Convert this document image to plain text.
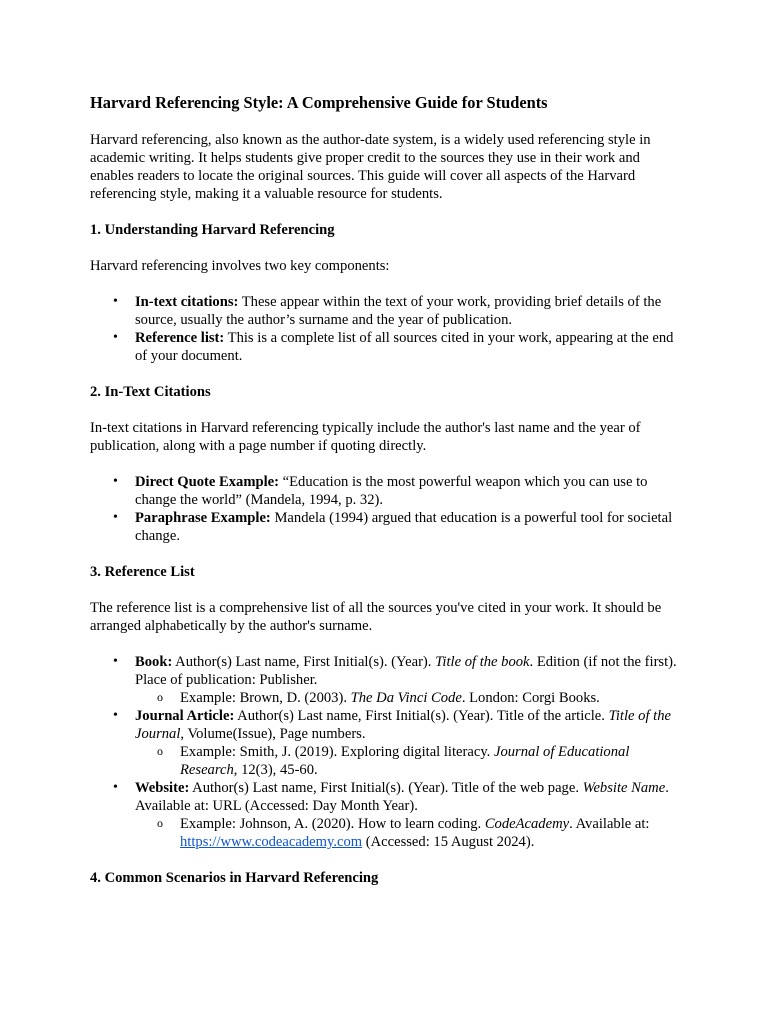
Harvard Referencing Style: A Comprehensive Guide for Students

Harvard referencing, also known as the author-date system, is a widely used referencing style in academic writing. It helps students give proper credit to the sources they use in their work and enables readers to locate the original sources. This guide will cover all aspects of the Harvard referencing style, making it a valuable resource for students.

1. Understanding Harvard Referencing

Harvard referencing involves two key components:

• In-text citations: These appear within the text of your work, providing brief details of the source, usually the author’s surname and the year of publication.
• Reference list: This is a complete list of all sources cited in your work, appearing at the end of your document.
2. In-Text Citations

In-text citations in Harvard referencing typically include the author's last name and the year of publication, along with a page number if quoting directly.

• Direct Quote Example: “Education is the most powerful weapon which you can use to change the world” (Mandela, 1994, p. 32).
• Paraphrase Example: Mandela (1994) argued that education is a powerful tool for societal change.
3. Reference List

The reference list is a comprehensive list of all the sources you've cited in your work. It should be arranged alphabetically by the author's surname.

• Book: Author(s) Last name, First Initial(s). (Year). Title of the book. Edition (if not the first). Place of publication: Publisher.
o Example: Brown, D. (2003). The Da Vinci Code. London: Corgi Books.
• Journal Article: Author(s) Last name, First Initial(s). (Year). Title of the article. Title of the Journal, Volume(Issue), Page numbers.
o Example: Smith, J. (2019). Exploring digital literacy. Journal of Educational Research, 12(3), 45-60.
• Website: Author(s) Last name, First Initial(s). (Year). Title of the web page. Website Name. Available at: URL (Accessed: Day Month Year).
o Example: Johnson, A. (2020). How to learn coding. CodeAcademy. Available at: https://www.codeacademy.com (Accessed: 15 August 2024).
4. Common Scenarios in Harvard Referencing
